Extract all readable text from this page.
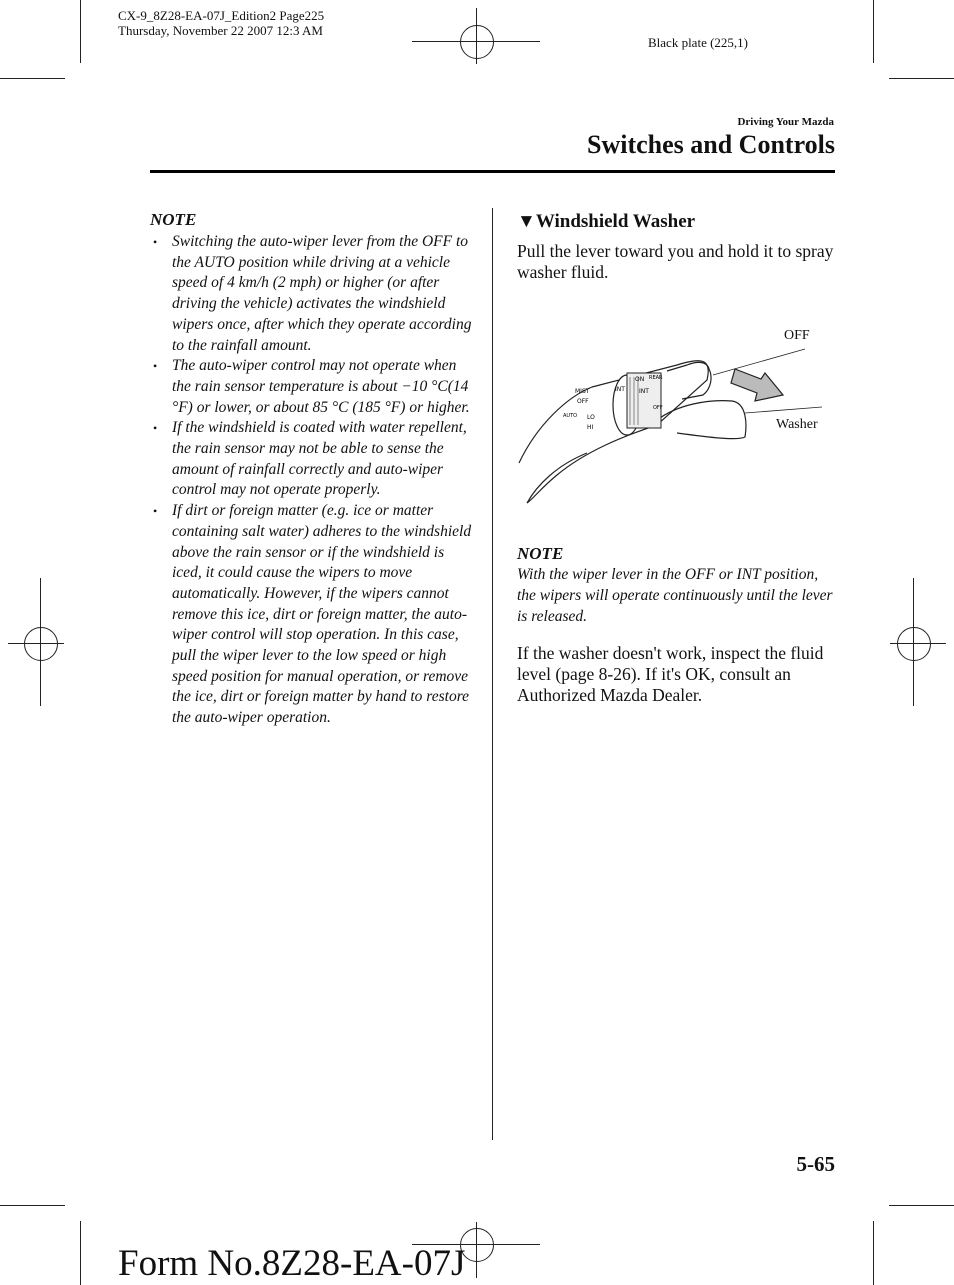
CX-9_8Z28-EA-07J_Edition2 Page225
Thursday, November 22 2007 12:3 AM
Black plate (225,1)
Driving Your Mazda
Switches and Controls
NOTE
• Switching the auto-wiper lever from the OFF to the AUTO position while driving at a vehicle speed of 4 km/h (2 mph) or higher (or after driving the vehicle) activates the windshield wipers once, after which they operate according to the rainfall amount.
• The auto-wiper control may not operate when the rain sensor temperature is about −10 °C(14 °F) or lower, or about 85 °C (185 °F) or higher.
• If the windshield is coated with water repellent, the rain sensor may not be able to sense the amount of rainfall correctly and auto-wiper control may not operate properly.
• If dirt or foreign matter (e.g. ice or matter containing salt water) adheres to the windshield above the rain sensor or if the windshield is iced, it could cause the wipers to move automatically. However, if the wipers cannot remove this ice, dirt or foreign matter, the auto-wiper control will stop operation. In this case, pull the wiper lever to the low speed or high speed position for manual operation, or remove the ice, dirt or foreign matter by hand to restore the auto-wiper operation.
▼Windshield Washer
Pull the lever toward you and hold it to spray washer fluid.
MIST
OFF
AUTO LO
HI
INT
ON
INT
OFF
REAR
OFF
Washer
NOTE
With the wiper lever in the OFF or INT position, the wipers will operate continuously until the lever is released.
If the washer doesn't work, inspect the fluid level (page 8-26). If it's OK, consult an Authorized Mazda Dealer.
5-65
Form No.8Z28-EA-07J
